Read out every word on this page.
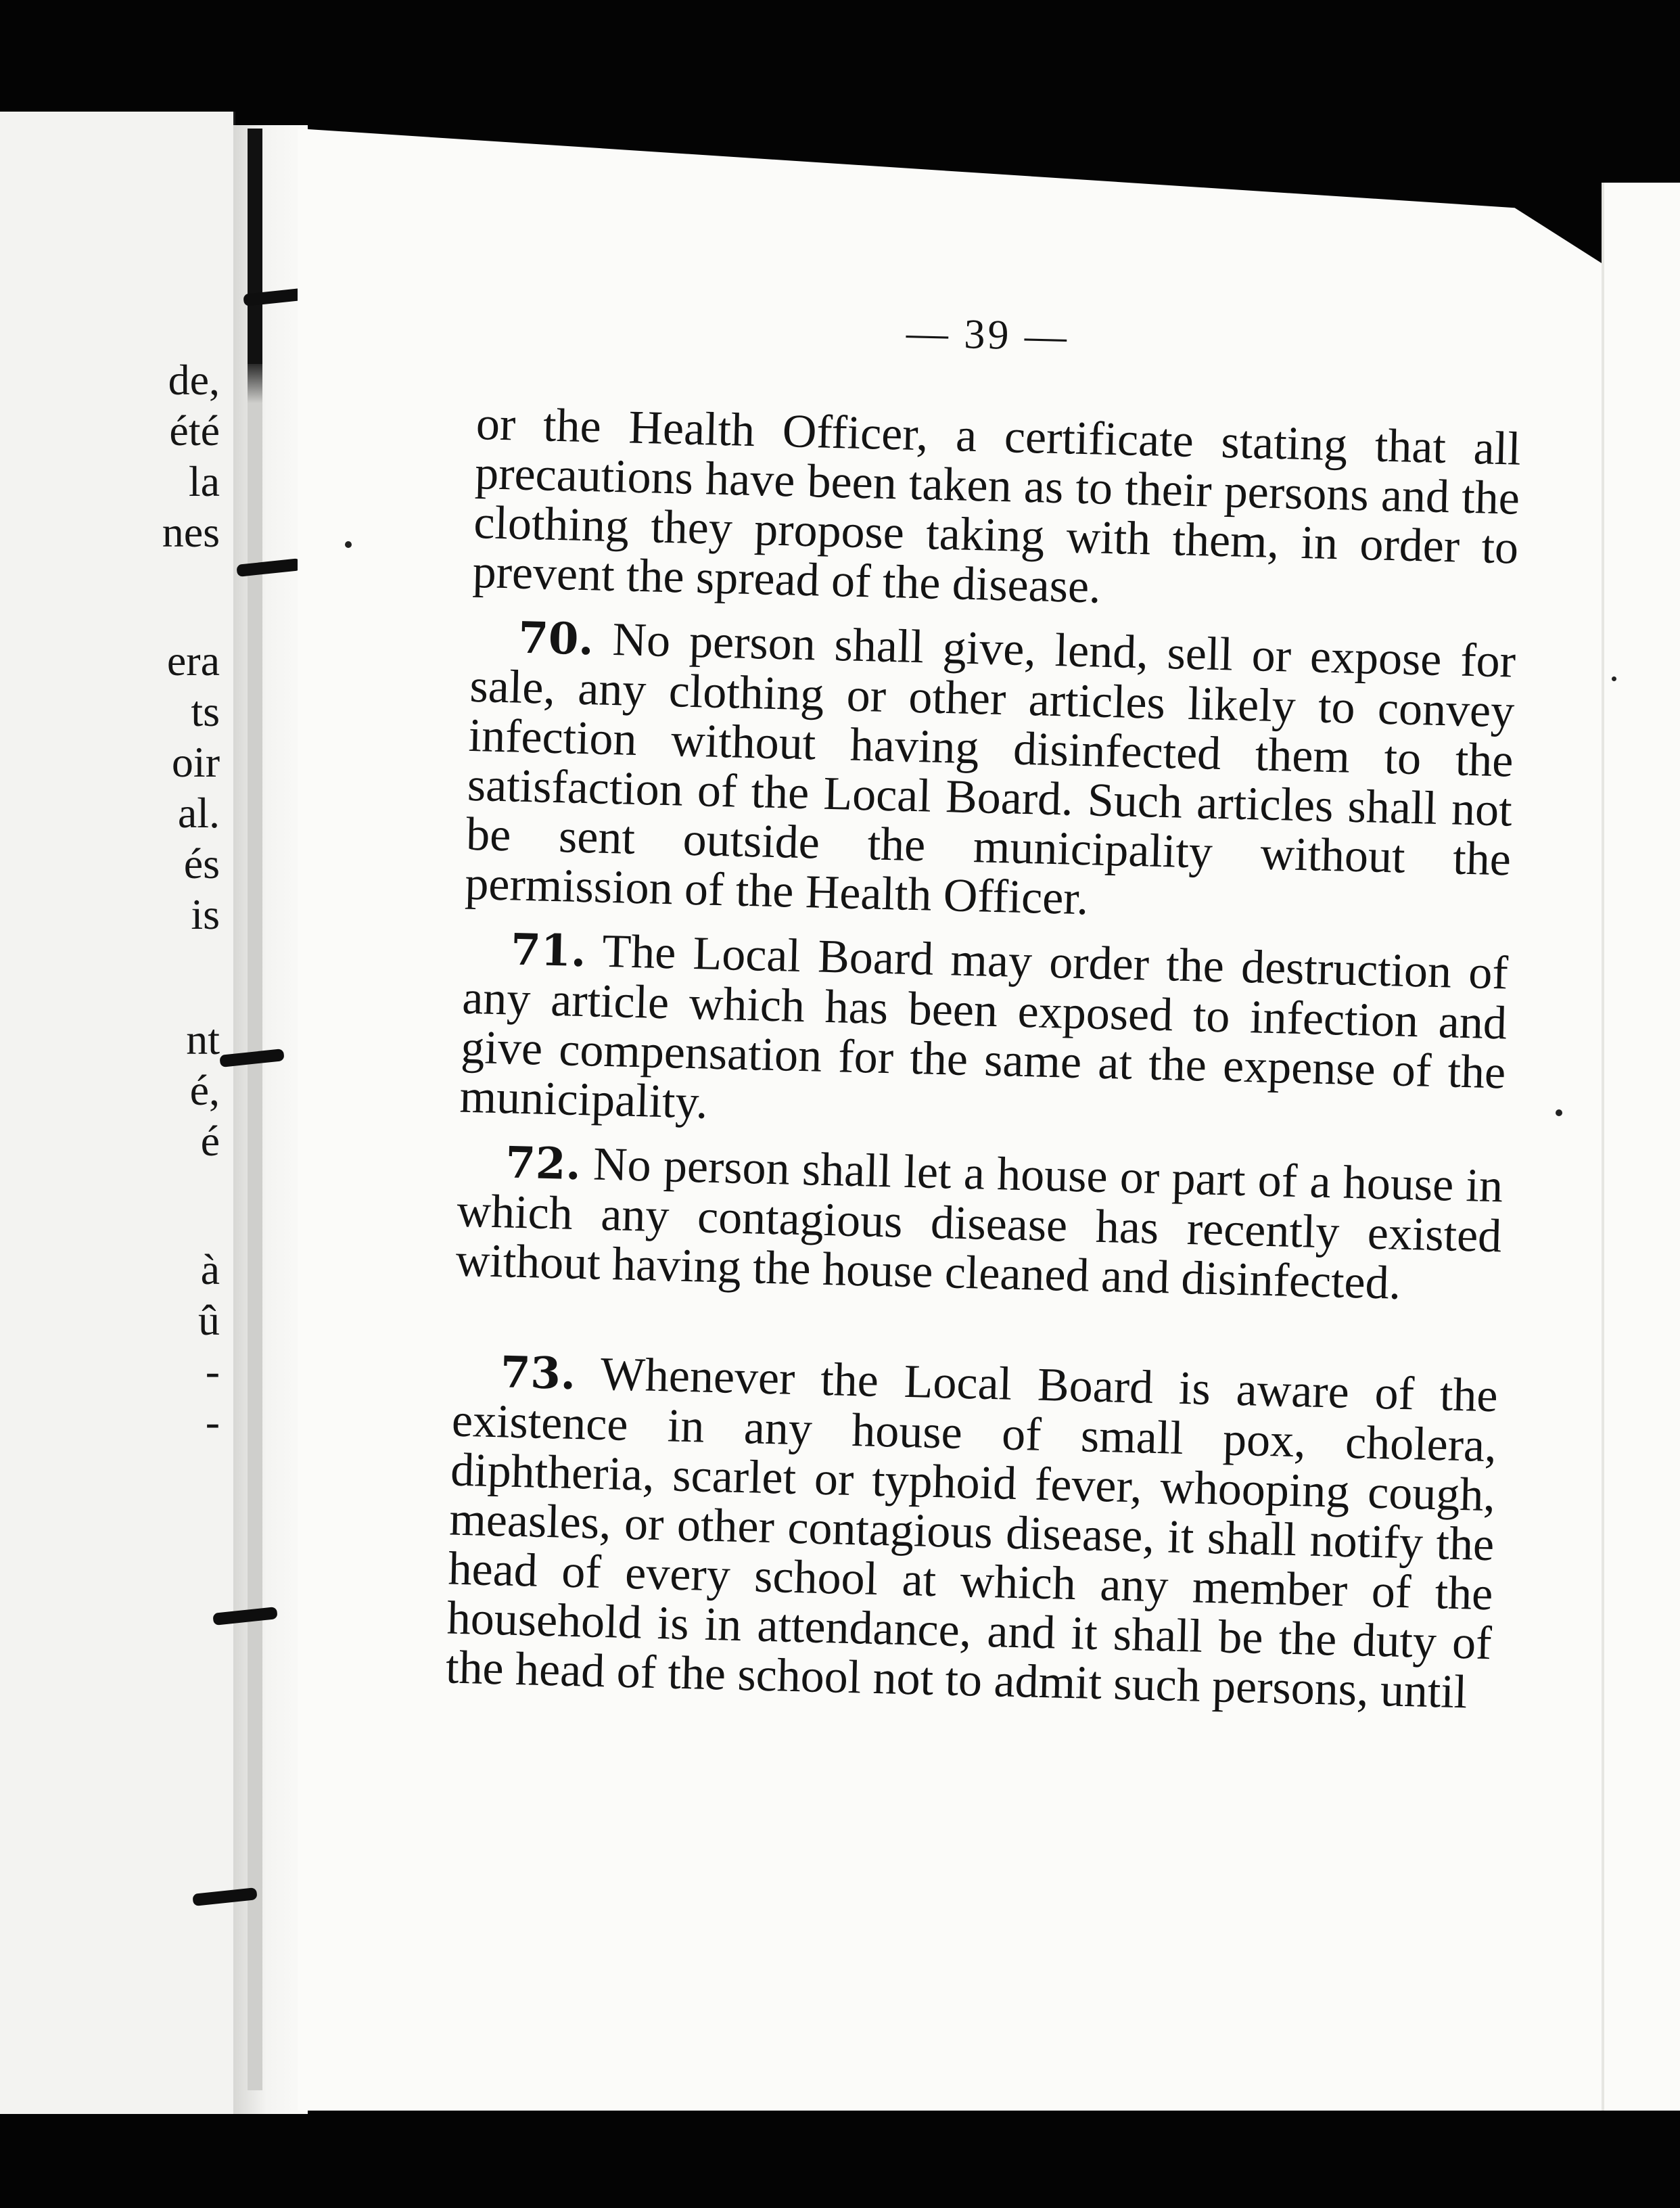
de,
été
la
nes
era
ts
oir
al.
és
is
nt
é,
é
à
û
-
-
— 39 —

or the Health Officer, a certificate stating that all precautions have been taken as to their persons and the clothing they propose taking with them, in order to prevent the spread of the disease.

70. No person shall give, lend, sell or expose for sale, any clothing or other articles likely to convey infection without having disinfected them to the satisfaction of the Local Board. Such articles shall not be sent outside the municipality without the permission of the Health Officer.

71. The Local Board may order the destruction of any article which has been exposed to infection and give compensation for the same at the expense of the municipality.

72. No person shall let a house or part of a house in which any contagious disease has recently existed without having the house cleaned and disinfected.

73. Whenever the Local Board is aware of the existence in any house of small pox, cholera, diphtheria, scarlet or typhoid fever, whooping cough, measles, or other contagious disease, it shall notify the head of every school at which any member of the household is in attendance, and it shall be the duty of the head of the school not to admit such persons, until
